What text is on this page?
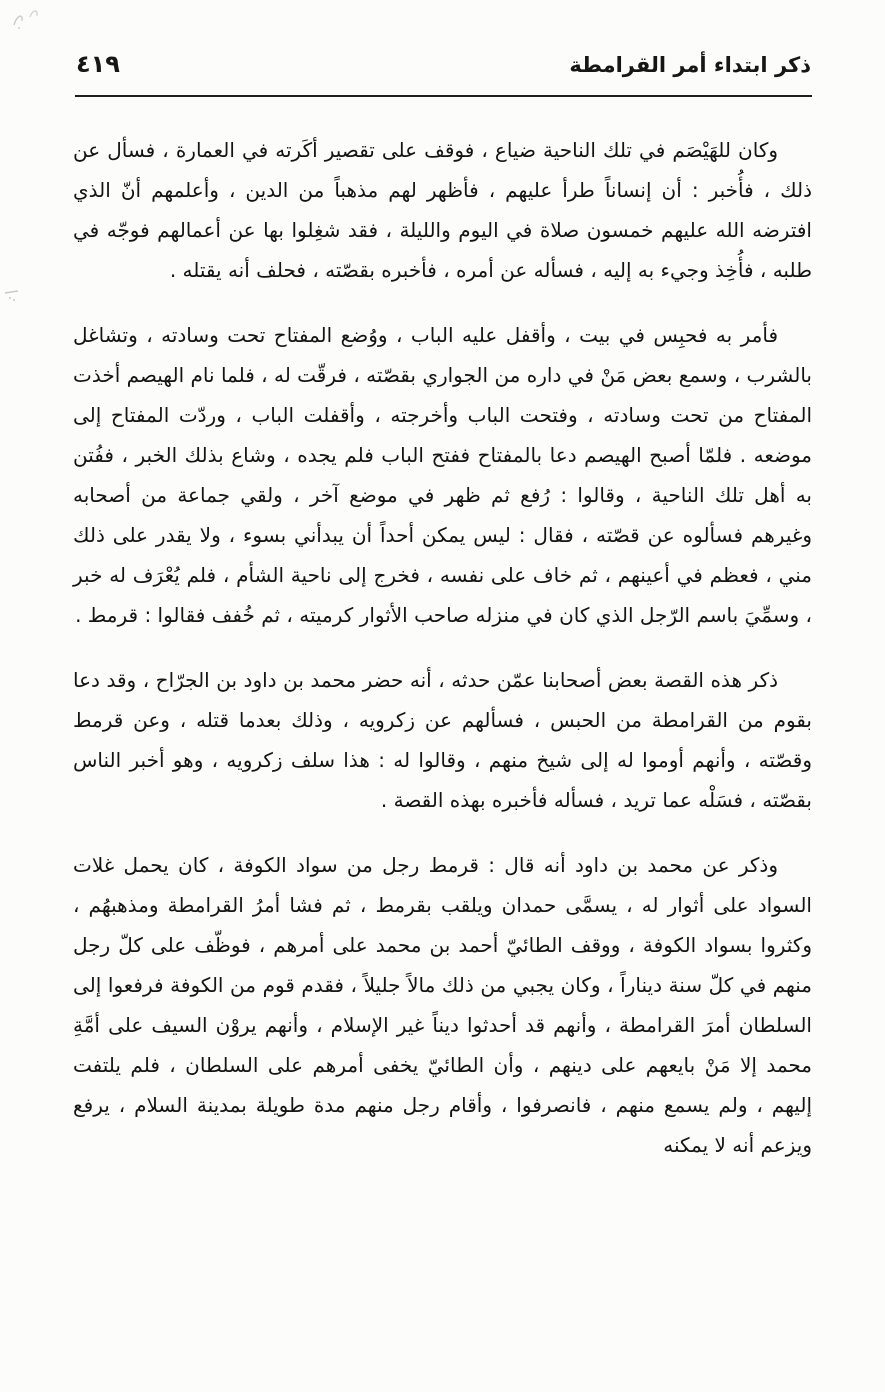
٤١٩	ذكر ابتداء أمر القرامطة

وكان للهَيْصَم في تلك الناحية ضياع ، فوقف على تقصير أكَرته في العمارة ، فسأل عن ذلك ، فأُخبر : أن إنساناً طرأ عليهم ، فأظهر لهم مذهباً من الدين ، وأعلمهم أنّ الذي افترضه الله عليهم خمسون صلاة في اليوم والليلة ، فقد شغِلوا بها عن أعمالهم فوجّه في طلبه ، فأُخِذ وجيء به إليه ، فسأله عن أمره ، فأخبره بقصّته ، فحلف أنه يقتله .

فأمر به فحبِس في بيت ، وأقفل عليه الباب ، ووُضع المفتاح تحت وسادته ، وتشاغل بالشرب ، وسمع بعض مَنْ في داره من الجواري بقصّته ، فرقّت له ، فلما نام الهيصم أخذت المفتاح من تحت وسادته ، وفتحت الباب وأخرجته ، وأقفلت الباب ، وردّت المفتاح إلى موضعه . فلمّا أصبح الهيصم دعا بالمفتاح ففتح الباب فلم يجده ، وشاع بذلك الخبر ، ففُتن به أهل تلك الناحية ، وقالوا : رُفع ثم ظهر في موضع آخر ، ولقي جماعة من أصحابه وغيرهم فسألوه عن قصّته ، فقال : ليس يمكن أحداً أن يبدأني بسوء ، ولا يقدر على ذلك مني ، فعظم في أعينهم ، ثم خاف على نفسه ، فخرج إلى ناحية الشأم ، فلم يُعْرَف له خبر ، وسمِّيَ باسم الرّجل الذي كان في منزله صاحب الأثوار كرميته ، ثم خُفف فقالوا : قرمط .

ذكر هذه القصة بعض أصحابنا عمّن حدثه ، أنه حضر محمد بن داود بن الجرّاح ، وقد دعا بقوم من القرامطة من الحبس ، فسألهم عن زكرويه ، وذلك بعدما قتله ، وعن قرمط وقصّته ، وأنهم أوموا له إلى شيخ منهم ، وقالوا له : هذا سلف زكرويه ، وهو أخبر الناس بقصّته ، فسَلْه عما تريد ، فسأله فأخبره بهذه القصة .

وذكر عن محمد بن داود أنه قال : قرمط رجل من سواد الكوفة ، كان يحمل غلات السواد على أثوار له ، يسمَّى حمدان ويلقب بقرمط ، ثم فشا أمرُ القرامطة ومذهبهُم ، وكثروا بسواد الكوفة ، ووقف الطائيّ أحمد بن محمد على أمرهم ، فوظّف على كلّ رجل منهم في كلّ سنة ديناراً ، وكان يجبي من ذلك مالاً جليلاً ، فقدم قوم من الكوفة فرفعوا إلى السلطان أمرَ القرامطة ، وأنهم قد أحدثوا ديناً غير الإسلام ، وأنهم يروْن السيف على أمَّةِ محمد إلا مَنْ بايعهم على دينهم ، وأن الطائيّ يخفى أمرهم على السلطان ، فلم يلتفت إليهم ، ولم يسمع منهم ، فانصرفوا ، وأقام رجل منهم مدة طويلة بمدينة السلام ، يرفع ويزعم أنه لا يمكنه
